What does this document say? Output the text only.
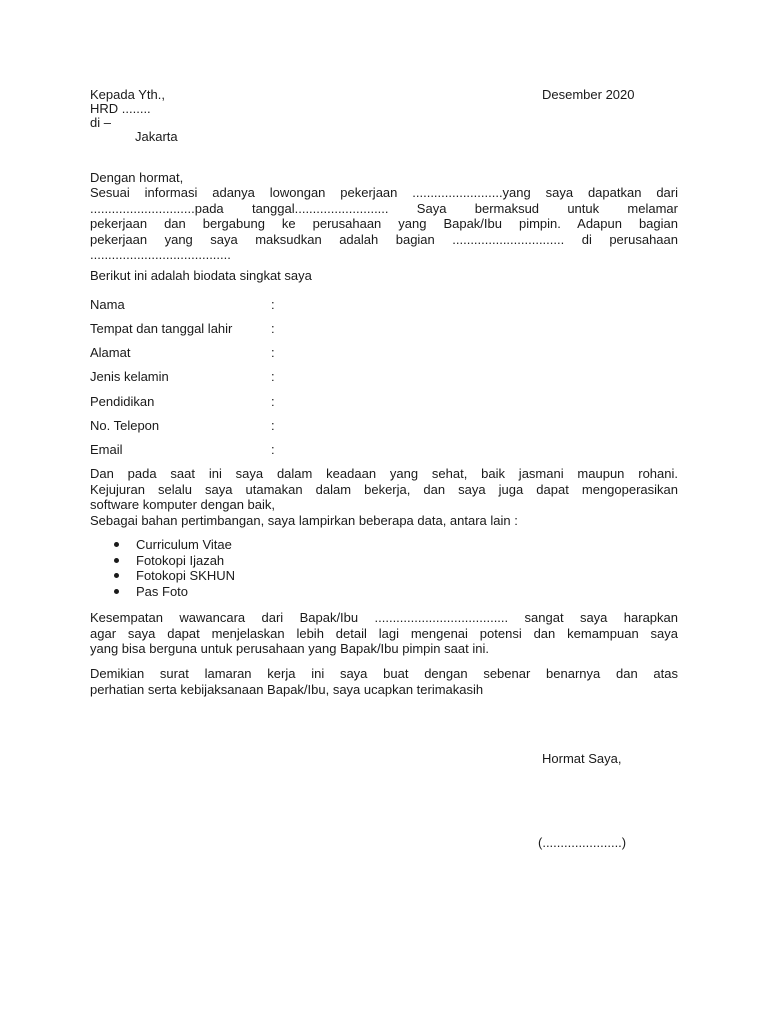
Kepada Yth.,
HRD ........
di –
Jakarta
Desember 2020
Dengan hormat,
Sesuai informasi adanya lowongan pekerjaan .........................yang saya dapatkan dari
.............................pada tanggal.......................... Saya bermaksud untuk melamar
pekerjaan dan bergabung ke perusahaan yang Bapak/Ibu pimpin. Adapun bagian
pekerjaan yang saya maksudkan adalah bagian ............................... di perusahaan
.......................................
Berikut ini adalah biodata singkat saya
Nama	:
Tempat dan tanggal lahir	:
Alamat	:
Jenis kelamin	:
Pendidikan	:
No. Telepon	:
Email	:
Dan pada saat ini saya dalam keadaan yang sehat, baik jasmani maupun rohani.
Kejujuran selalu saya utamakan dalam bekerja, dan saya juga dapat mengoperasikan
software komputer dengan baik,
Sebagai bahan pertimbangan, saya lampirkan beberapa data, antara lain :
Curriculum Vitae
Fotokopi Ijazah
Fotokopi SKHUN
Pas Foto
Kesempatan wawancara dari Bapak/Ibu ..................................... sangat saya harapkan
agar saya dapat menjelaskan lebih detail lagi mengenai potensi dan kemampuan saya
yang bisa berguna untuk perusahaan yang Bapak/Ibu pimpin saat ini.
Demikian surat lamaran kerja ini saya buat dengan sebenar benarnya dan atas
perhatian serta kebijaksanaan Bapak/Ibu, saya ucapkan terimakasih
Hormat Saya,
(......................)
